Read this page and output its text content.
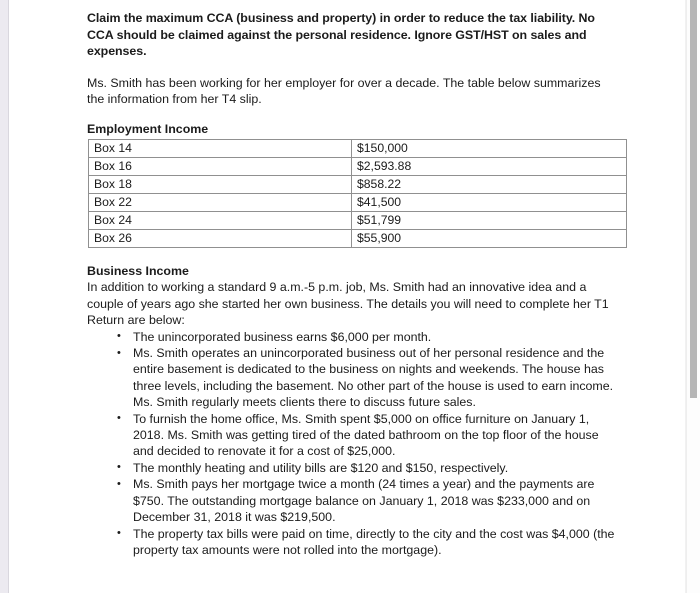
Claim the maximum CCA (business and property) in order to reduce the tax liability. No CCA should be claimed against the personal residence. Ignore GST/HST on sales and expenses.

Ms. Smith has been working for her employer for over a decade. The table below summarizes the information from her T4 slip.

Employment Income
Box 14	$150,000
Box 16	$2,593.88
Box 18	$858.22
Box 22	$41,500
Box 24	$51,799
Box 26	$55,900
Business Income

In addition to working a standard 9 a.m.-5 p.m. job, Ms. Smith had an innovative idea and a couple of years ago she started her own business. The details you will need to complete her T1 Return are below:

• The unincorporated business earns $6,000 per month.
• Ms. Smith operates an unincorporated business out of her personal residence and the entire basement is dedicated to the business on nights and weekends. The house has three levels, including the basement. No other part of the house is used to earn income. Ms. Smith regularly meets clients there to discuss future sales.
• To furnish the home office, Ms. Smith spent $5,000 on office furniture on January 1, 2018. Ms. Smith was getting tired of the dated bathroom on the top floor of the house and decided to renovate it for a cost of $25,000.
• The monthly heating and utility bills are $120 and $150, respectively.
• Ms. Smith pays her mortgage twice a month (24 times a year) and the payments are $750. The outstanding mortgage balance on January 1, 2018 was $233,000 and on December 31, 2018 it was $219,500.
• The property tax bills were paid on time, directly to the city and the cost was $4,000 (the property tax amounts were not rolled into the mortgage).
